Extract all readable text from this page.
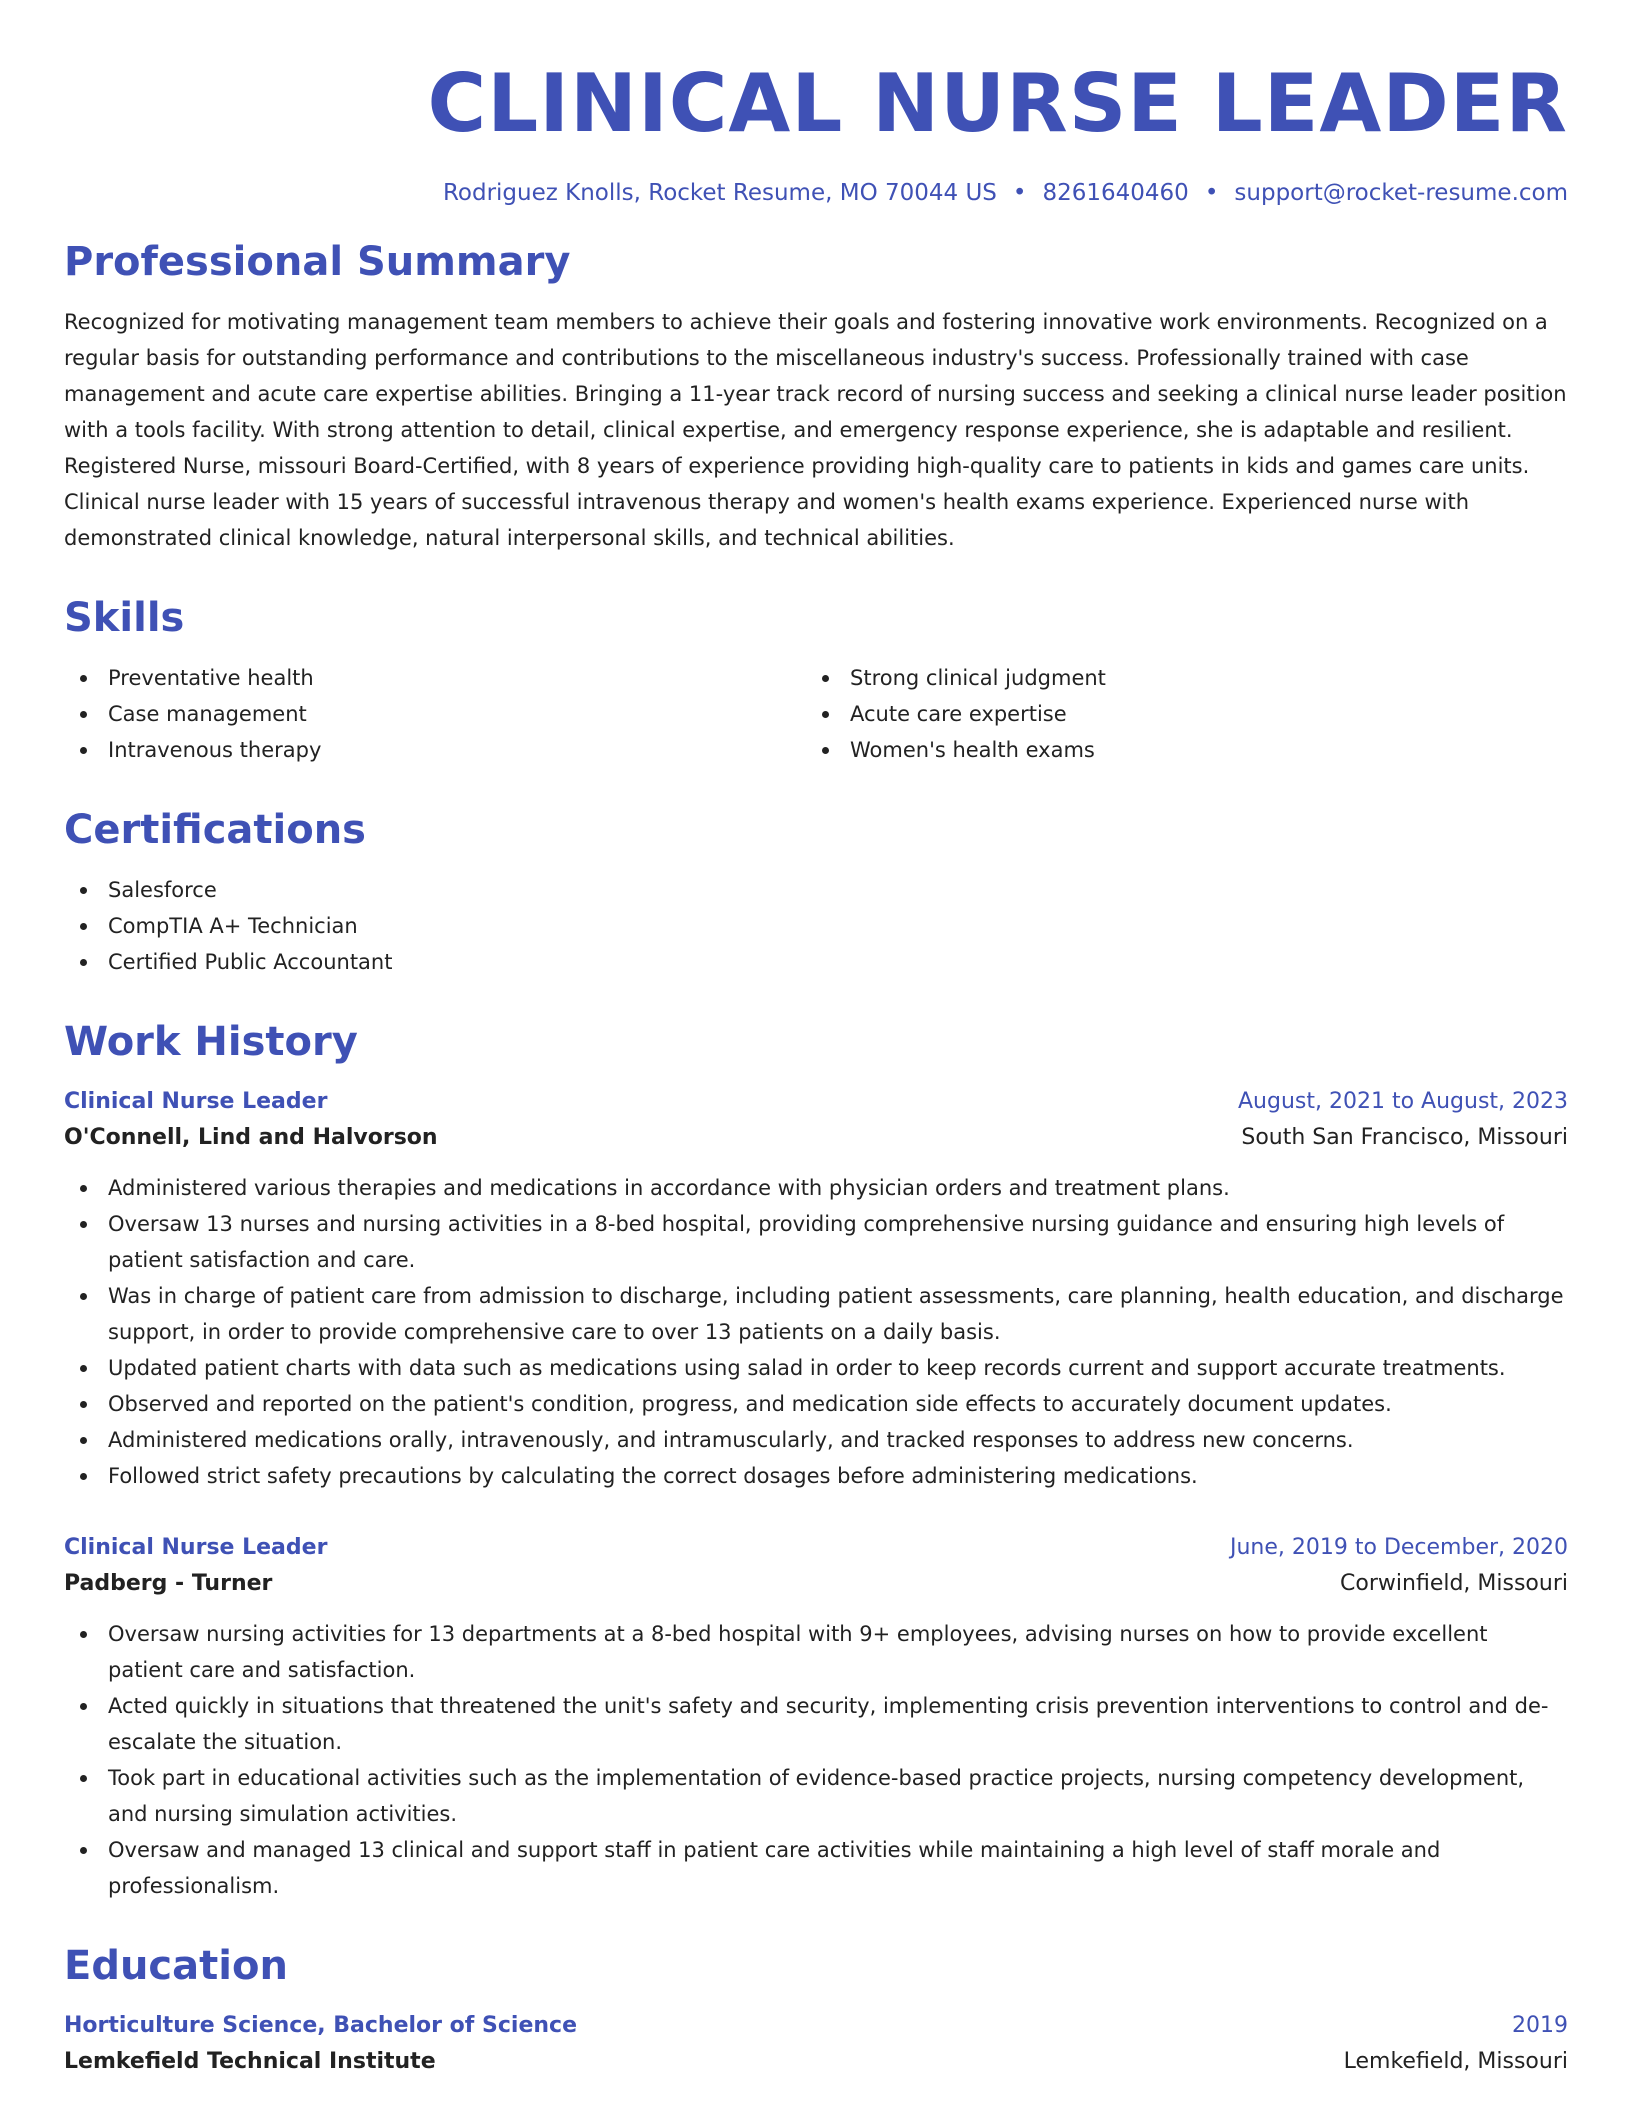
CLINICAL NURSE LEADER
Rodriguez Knolls, Rocket Resume, MO 70044 US • 8261640460 • support@rocket-resume.com
Professional Summary

Recognized for motivating management team members to achieve their goals and fostering innovative work environments. Recognized on a regular basis for outstanding performance and contributions to the miscellaneous industry's success. Professionally trained with case management and acute care expertise abilities. Bringing a 11-year track record of nursing success and seeking a clinical nurse leader position with a tools facility. With strong attention to detail, clinical expertise, and emergency response experience, she is adaptable and resilient. Registered Nurse, missouri Board-Certified, with 8 years of experience providing high-quality care to patients in kids and games care units. Clinical nurse leader with 15 years of successful intravenous therapy and women's health exams experience. Experienced nurse with demonstrated clinical knowledge, natural interpersonal skills, and technical abilities.

Skills
Preventative health
Case management
Intravenous therapy
Strong clinical judgment
Acute care expertise
Women's health exams
Certifications
Salesforce
CompTIA A+ Technician
Certified Public Accountant
Work History
Clinical Nurse Leader	August, 2021 to August, 2023
O'Connell, Lind and Halvorson	South San Francisco, Missouri
Administered various therapies and medications in accordance with physician orders and treatment plans.
Oversaw 13 nurses and nursing activities in a 8-bed hospital, providing comprehensive nursing guidance and ensuring high levels of patient satisfaction and care.
Was in charge of patient care from admission to discharge, including patient assessments, care planning, health education, and discharge support, in order to provide comprehensive care to over 13 patients on a daily basis.
Updated patient charts with data such as medications using salad in order to keep records current and support accurate treatments.
Observed and reported on the patient's condition, progress, and medication side effects to accurately document updates.
Administered medications orally, intravenously, and intramuscularly, and tracked responses to address new concerns.
Followed strict safety precautions by calculating the correct dosages before administering medications.
Clinical Nurse Leader	June, 2019 to December, 2020
Padberg - Turner	Corwinfield, Missouri
Oversaw nursing activities for 13 departments at a 8-bed hospital with 9+ employees, advising nurses on how to provide excellent patient care and satisfaction.
Acted quickly in situations that threatened the unit's safety and security, implementing crisis prevention interventions to control and de-escalate the situation.
Took part in educational activities such as the implementation of evidence-based practice projects, nursing competency development, and nursing simulation activities.
Oversaw and managed 13 clinical and support staff in patient care activities while maintaining a high level of staff morale and professionalism.
Education
Horticulture Science, Bachelor of Science	2019
Lemkefield Technical Institute	Lemkefield, Missouri
